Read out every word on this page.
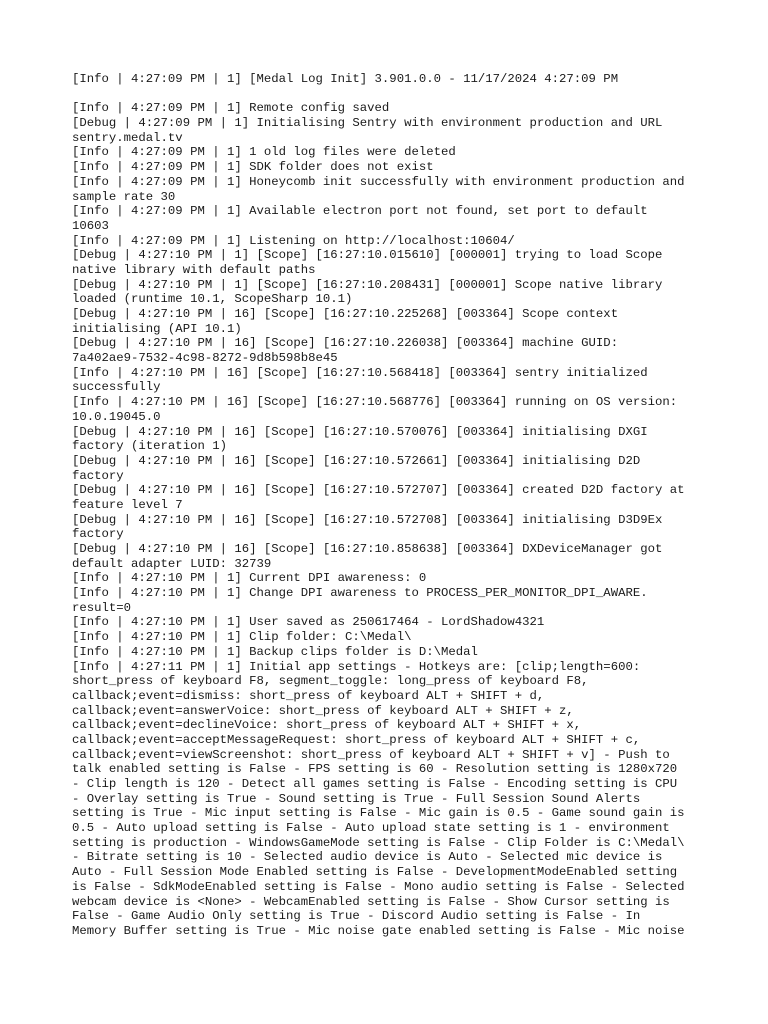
[Info | 4:27:09 PM | 1] [Medal Log Init] 3.901.0.0 - 11/17/2024 4:27:09 PM
[Info | 4:27:09 PM | 1] Remote config saved
[Debug | 4:27:09 PM | 1] Initialising Sentry with environment production and URL
sentry.medal.tv
[Info | 4:27:09 PM | 1] 1 old log files were deleted
[Info | 4:27:09 PM | 1] SDK folder does not exist
[Info | 4:27:09 PM | 1] Honeycomb init successfully with environment production and
sample rate 30
[Info | 4:27:09 PM | 1] Available electron port not found, set port to default
10603
[Info | 4:27:09 PM | 1] Listening on http://localhost:10604/
[Debug | 4:27:10 PM | 1] [Scope] [16:27:10.015610] [000001] trying to load Scope
native library with default paths
[Debug | 4:27:10 PM | 1] [Scope] [16:27:10.208431] [000001] Scope native library
loaded (runtime 10.1, ScopeSharp 10.1)
[Debug | 4:27:10 PM | 16] [Scope] [16:27:10.225268] [003364] Scope context
initialising (API 10.1)
[Debug | 4:27:10 PM | 16] [Scope] [16:27:10.226038] [003364] machine GUID:
7a402ae9-7532-4c98-8272-9d8b598b8e45
[Info | 4:27:10 PM | 16] [Scope] [16:27:10.568418] [003364] sentry initialized
successfully
[Info | 4:27:10 PM | 16] [Scope] [16:27:10.568776] [003364] running on OS version:
10.0.19045.0
[Debug | 4:27:10 PM | 16] [Scope] [16:27:10.570076] [003364] initialising DXGI
factory (iteration 1)
[Debug | 4:27:10 PM | 16] [Scope] [16:27:10.572661] [003364] initialising D2D
factory
[Debug | 4:27:10 PM | 16] [Scope] [16:27:10.572707] [003364] created D2D factory at
feature level 7
[Debug | 4:27:10 PM | 16] [Scope] [16:27:10.572708] [003364] initialising D3D9Ex
factory
[Debug | 4:27:10 PM | 16] [Scope] [16:27:10.858638] [003364] DXDeviceManager got
default adapter LUID: 32739
[Info | 4:27:10 PM | 1] Current DPI awareness: 0
[Info | 4:27:10 PM | 1] Change DPI awareness to PROCESS_PER_MONITOR_DPI_AWARE.
result=0
[Info | 4:27:10 PM | 1] User saved as 250617464 - LordShadow4321
[Info | 4:27:10 PM | 1] Clip folder: C:\Medal\
[Info | 4:27:10 PM | 1] Backup clips folder is D:\Medal
[Info | 4:27:11 PM | 1] Initial app settings - Hotkeys are: [clip;length=600:
short_press of keyboard F8, segment_toggle: long_press of keyboard F8,
callback;event=dismiss: short_press of keyboard ALT + SHIFT + d,
callback;event=answerVoice: short_press of keyboard ALT + SHIFT + z,
callback;event=declineVoice: short_press of keyboard ALT + SHIFT + x,
callback;event=acceptMessageRequest: short_press of keyboard ALT + SHIFT + c,
callback;event=viewScreenshot: short_press of keyboard ALT + SHIFT + v] - Push to
talk enabled setting is False - FPS setting is 60 - Resolution setting is 1280x720
- Clip length is 120 - Detect all games setting is False - Encoding setting is CPU
- Overlay setting is True - Sound setting is True - Full Session Sound Alerts
setting is True - Mic input setting is False - Mic gain is 0.5 - Game sound gain is
0.5 - Auto upload setting is False - Auto upload state setting is 1 - environment
setting is production - WindowsGameMode setting is False - Clip Folder is C:\Medal\
- Bitrate setting is 10 - Selected audio device is Auto - Selected mic device is
Auto - Full Session Mode Enabled setting is False - DevelopmentModeEnabled setting
is False - SdkModeEnabled setting is False - Mono audio setting is False - Selected
webcam device is <None> - WebcamEnabled setting is False - Show Cursor setting is
False - Game Audio Only setting is True - Discord Audio setting is False - In
Memory Buffer setting is True - Mic noise gate enabled setting is False - Mic noise
